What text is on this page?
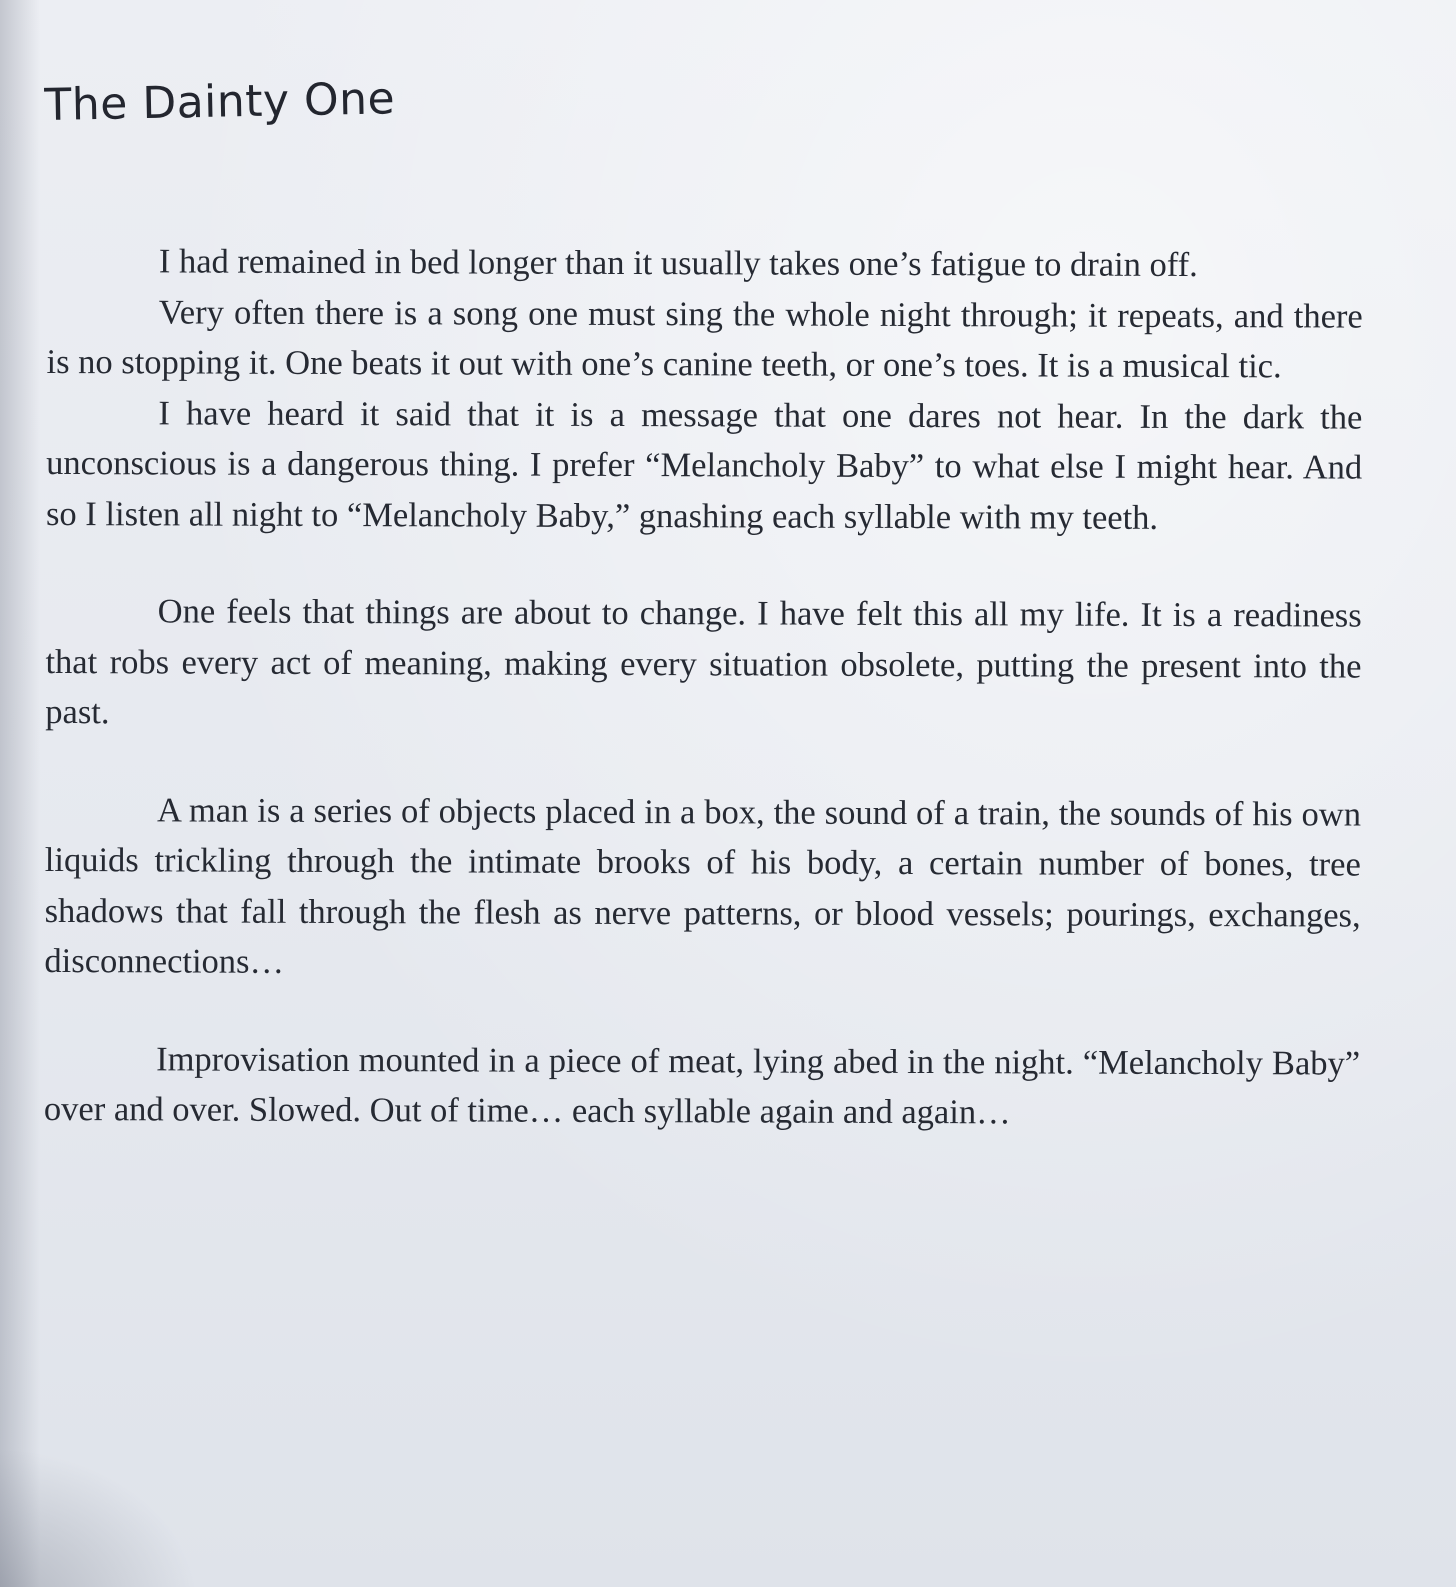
The Dainty One

I had remained in bed longer than it usually takes one’s fatigue to drain off.

Very often there is a song one must sing the whole night through; it repeats, and there is no stopping it. One beats it out with one’s canine teeth, or one’s toes. It is a musical tic.

I have heard it said that it is a message that one dares not hear. In the dark the unconscious is a dangerous thing. I prefer “Melancholy Baby” to what else I might hear. And so I listen all night to “Melancholy Baby,” gnashing each syllable with my teeth.

One feels that things are about to change. I have felt this all my life. It is a readiness that robs every act of meaning, making every situation obsolete, putting the present into the past.

A man is a series of objects placed in a box, the sound of a train, the sounds of his own liquids trickling through the intimate brooks of his body, a certain number of bones, tree shadows that fall through the flesh as nerve patterns, or blood vessels; pourings, exchanges, disconnections…

Improvisation mounted in a piece of meat, lying abed in the night. “Melancholy Baby” over and over. Slowed. Out of time… each syllable again and again…
